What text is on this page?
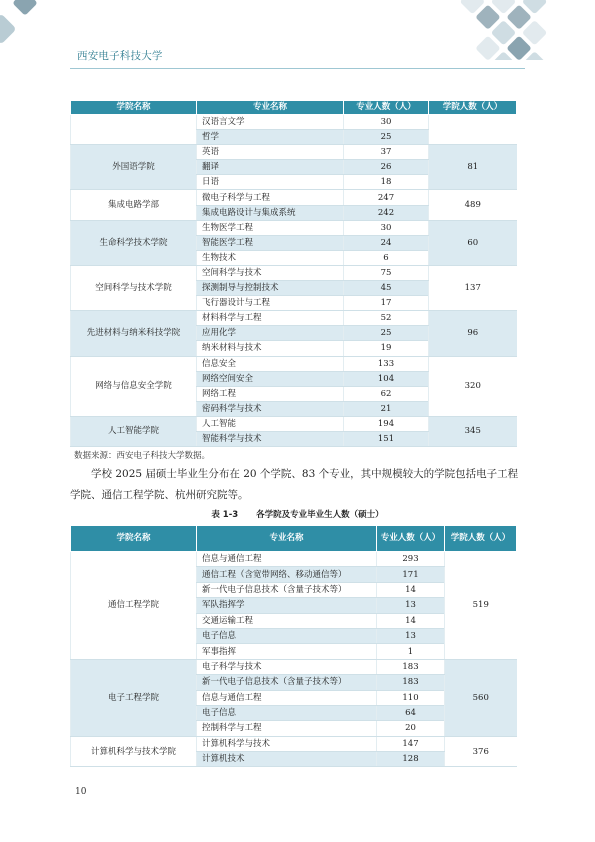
西安电子科技大学
学院名称	专业名称	专业人数（人）	学院人数（人）
	汉语言文学	30	
	哲学	25	
外国语学院	英语	37	81
	翻译	26	
	日语	18	
集成电路学部	微电子科学与工程	247	489
	集成电路设计与集成系统	242	
生命科学技术学院	生物医学工程	30	60
	智能医学工程	24	
	生物技术	6	
空间科学与技术学院	空间科学与技术	75	137
	探测制导与控制技术	45	
	飞行器设计与工程	17	
先进材料与纳米科技学院	材料科学与工程	52	96
	应用化学	25	
	纳米材料与技术	19	
网络与信息安全学院	信息安全	133	320
	网络空间安全	104	
	网络工程	62	
	密码科学与技术	21	
人工智能学院	人工智能	194	345
	智能科学与技术	151	
数据来源：西安电子科技大学数据。

学校 2025 届硕士毕业生分布在 20 个学院、83 个专业，其中规模较大的学院包括电子工程学院、通信工程学院、杭州研究院等。

表 1-3 各学院及专业毕业生人数（硕士）
学院名称	专业名称	专业人数（人）	学院人数（人）
通信工程学院	信息与通信工程	293	519
	通信工程（含宽带网络、移动通信等）	171	
	新一代电子信息技术（含量子技术等）	14	
	军队指挥学	13	
	交通运输工程	14	
	电子信息	13	
	军事指挥	1	
电子工程学院	电子科学与技术	183	560
	新一代电子信息技术（含量子技术等）	183	
	信息与通信工程	110	
	电子信息	64	
	控制科学与工程	20	
计算机科学与技术学院	计算机科学与技术	147	376
	计算机技术	128	
10
